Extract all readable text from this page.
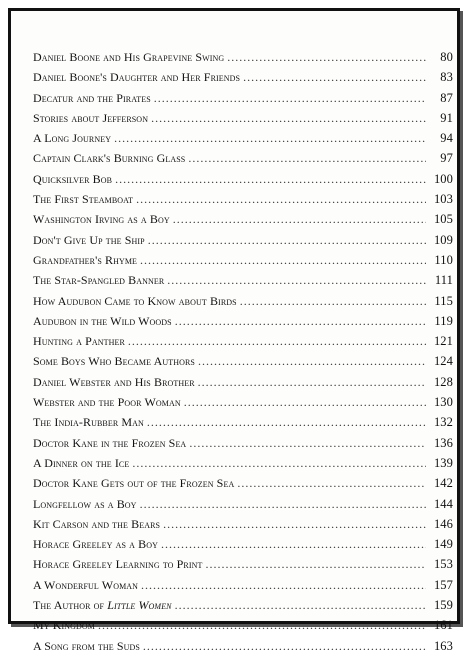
Daniel Boone and His Grapevine Swing .....	80
Daniel Boone's Daughter and Her Friends .....	83
Decatur and the Pirates .....	87
Stories about Jefferson .....	91
A Long Journey .....	94
Captain Clark's Burning Glass .....	97
Quicksilver Bob .....	100
The First Steamboat .....	103
Washington Irving as a Boy .....	105
Don't Give Up the Ship .....	109
Grandfather's Rhyme .....	110
The Star-Spangled Banner .....	111
How Audubon Came to Know about Birds .....	115
Audubon in the Wild Woods .....	119
Hunting a Panther .....	121
Some Boys Who Became Authors .....	124
Daniel Webster and His Brother .....	128
Webster and the Poor Woman .....	130
The India-Rubber Man .....	132
Doctor Kane in the Frozen Sea .....	136
A Dinner on the Ice .....	139
Doctor Kane Gets out of the Frozen Sea .....	142
Longfellow as a Boy .....	144
Kit Carson and the Bears .....	146
Horace Greeley as a Boy .....	149
Horace Greeley Learning to Print .....	153
A Wonderful Woman .....	157
The Author of Little Women .....	159
My Kingdom .....	161
A Song from the Suds .....	163
